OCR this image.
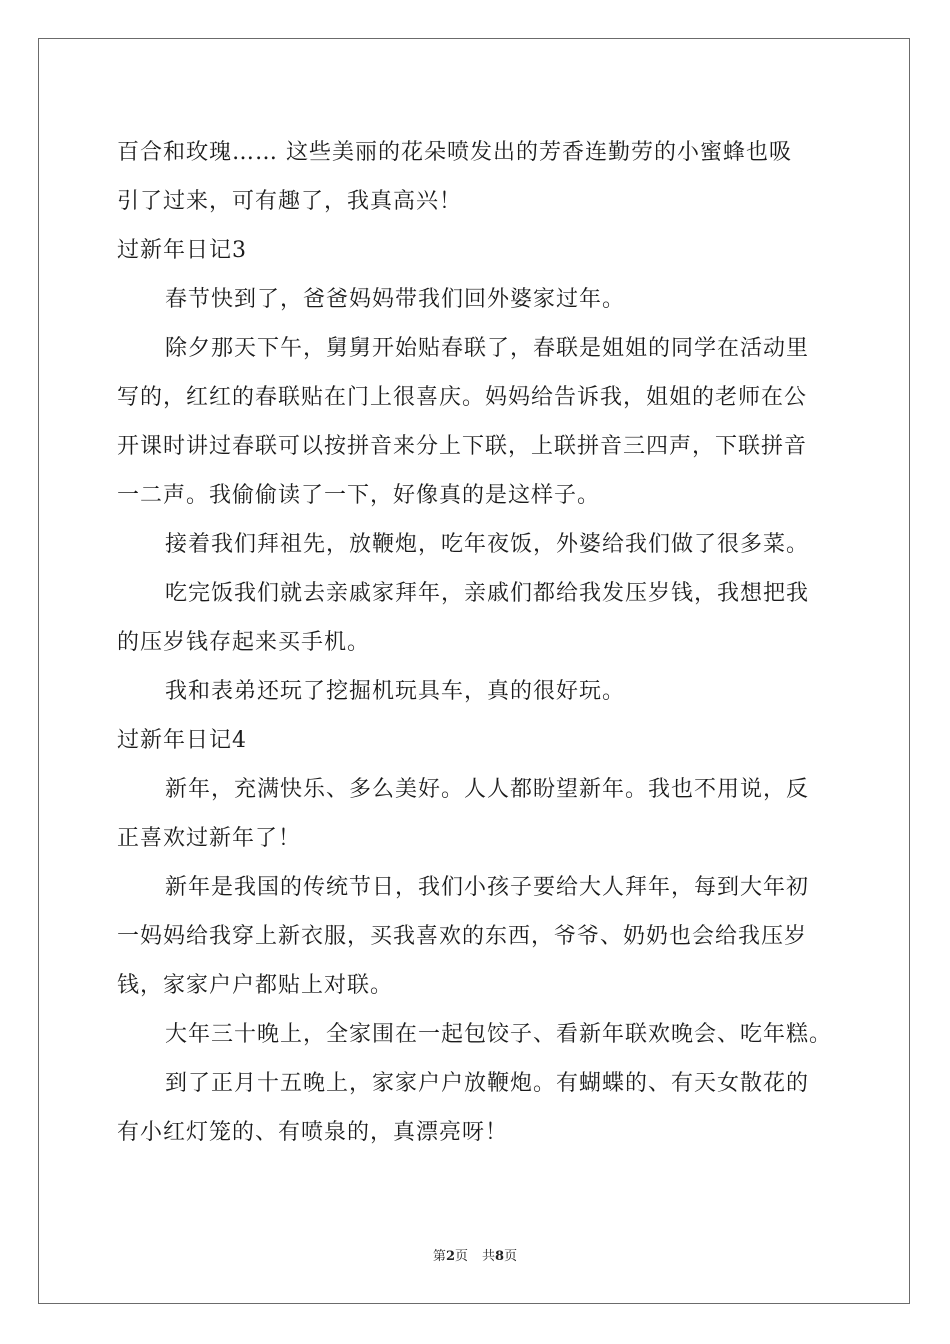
百合和玫瑰…… 这些美丽的花朵喷发出的芳香连勤劳的小蜜蜂也吸
引了过来，可有趣了，我真高兴！
过新年日记3
春节快到了，爸爸妈妈带我们回外婆家过年。
除夕那天下午，舅舅开始贴春联了，春联是姐姐的同学在活动里
写的，红红的春联贴在门上很喜庆。妈妈给告诉我，姐姐的老师在公
开课时讲过春联可以按拼音来分上下联，上联拼音三四声，下联拼音
一二声。我偷偷读了一下，好像真的是这样子。
接着我们拜祖先，放鞭炮，吃年夜饭，外婆给我们做了很多菜。
吃完饭我们就去亲戚家拜年，亲戚们都给我发压岁钱，我想把我
的压岁钱存起来买手机。
我和表弟还玩了挖掘机玩具车，真的很好玩。
过新年日记4
新年，充满快乐、多么美好。人人都盼望新年。我也不用说，反
正喜欢过新年了！
新年是我国的传统节日，我们小孩子要给大人拜年，每到大年初
一妈妈给我穿上新衣服，买我喜欢的东西，爷爷、奶奶也会给我压岁
钱，家家户户都贴上对联。
大年三十晚上，全家围在一起包饺子、看新年联欢晚会、吃年糕。
到了正月十五晚上，家家户户放鞭炮。有蝴蝶的、有天女散花的
有小红灯笼的、有喷泉的，真漂亮呀！
第2页 共8页
